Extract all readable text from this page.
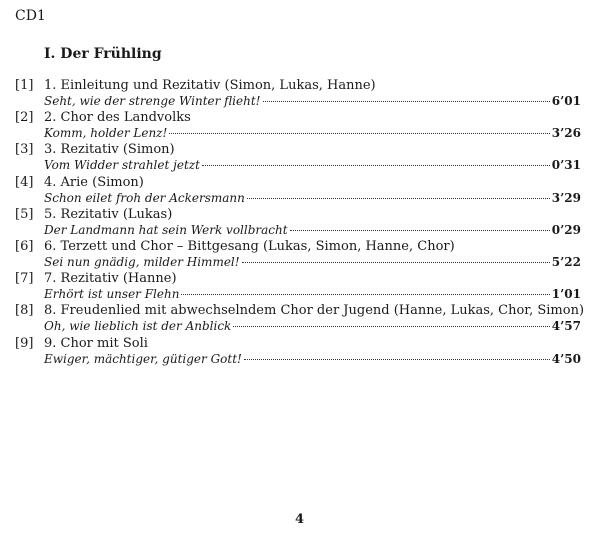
CD1
I. Der Frühling
[1] 1. Einleitung und Rezitativ (Simon, Lukas, Hanne)
Seht, wie der strenge Winter flieht!	6’01
[2] 2. Chor des Landvolks
Komm, holder Lenz!	3’26
[3] 3. Rezitativ (Simon)
Vom Widder strahlet jetzt	0’31
[4] 4. Arie (Simon)
Schon eilet froh der Ackersmann	3’29
[5] 5. Rezitativ (Lukas)
Der Landmann hat sein Werk vollbracht	0’29
[6] 6. Terzett und Chor – Bittgesang (Lukas, Simon, Hanne, Chor)
Sei nun gnädig, milder Himmel!	5’22
[7] 7. Rezitativ (Hanne)
Erhört ist unser Flehn	1’01
[8] 8. Freudenlied mit abwechselndem Chor der Jugend (Hanne, Lukas, Chor, Simon)
Oh, wie lieblich ist der Anblick	4’57
[9] 9. Chor mit Soli
Ewiger, mächtiger, gütiger Gott!	4’50
4
